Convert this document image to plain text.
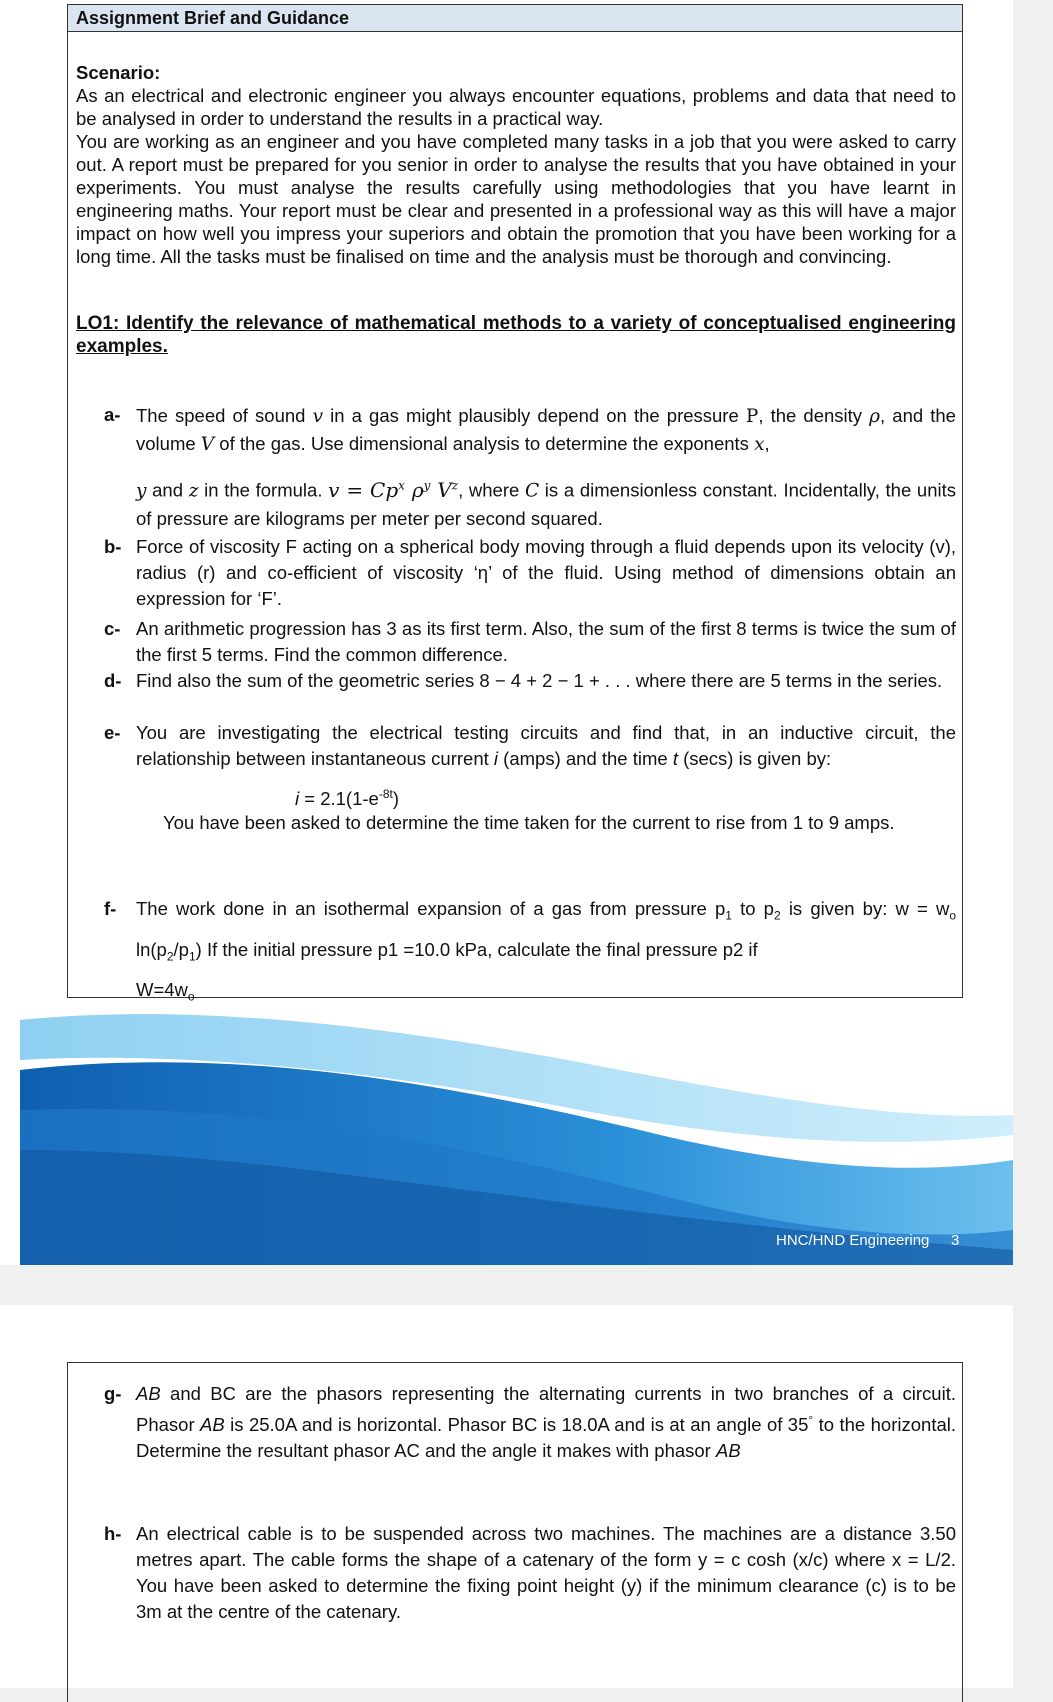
HNC/HND Engineering 3
Assignment Brief and Guidance
Scenario:

As an electrical and electronic engineer you always encounter equations, problems and data that need to be analysed in order to understand the results in a practical way.

You are working as an engineer and you have completed many tasks in a job that you were asked to carry out. A report must be prepared for you senior in order to analyse the results that you have obtained in your experiments. You must analyse the results carefully using methodologies that you have learnt in engineering maths. Your report must be clear and presented in a professional way as this will have a major impact on how well you impress your superiors and obtain the promotion that you have been working for a long time. All the tasks must be finalised on time and the analysis must be thorough and convincing.

LO1: Identify the relevance of mathematical methods to a variety of conceptualised engineering examples.
a- The speed of sound v in a gas might plausibly depend on the pressure P, the density ρ, and the volume V of the gas. Use dimensional analysis to determine the exponents x,
y and z in the formula. $v = Cp^x$ $\rho^y$ $V^z$, where C is a dimensionless constant. Incidentally, the units of pressure are kilograms per meter per second squared.

b- Force of viscosity F acting on a spherical body moving through a fluid depends upon its velocity (v), radius (r) and co-efficient of viscosity ‘η’ of the fluid. Using method of dimensions obtain an expression for ‘F’.

c- An arithmetic progression has 3 as its first term. Also, the sum of the first 8 terms is twice the sum of the first 5 terms. Find the common difference.

d- Find also the sum of the geometric series 8 − 4 + 2 − 1 + . . . where there are 5 terms in the series.

e- You are investigating the electrical testing circuits and find that, in an inductive circuit, the relationship between instantaneous current i (amps) and the time t (secs) is given by:

$i = 2.1(1-e^{-8t})$
You have been asked to determine the time taken for the current to rise from 1 to 9 amps.
f- The work done in an isothermal expansion of a gas from pressure $p_1$ to $p_2$ is given by: $w = w_o$ $\ln(p_2/p_1)$ If the initial pressure p1 =10.0 kPa, calculate the final pressure p2 if
$W=4w_o$

g- AB and BC are the phasors representing the alternating currents in two branches of a circuit. Phasor AB is 25.0A and is horizontal. Phasor BC is 18.0A and is at an angle of 35° to the horizontal. Determine the resultant phasor AC and the angle it makes with phasor AB

h- An electrical cable is to be suspended across two machines. The machines are a distance 3.50 metres apart. The cable forms the shape of a catenary of the form y = c cosh (x/c) where x = L/2. You have been asked to determine the fixing point height (y) if the minimum clearance (c) is to be 3m at the centre of the catenary.
